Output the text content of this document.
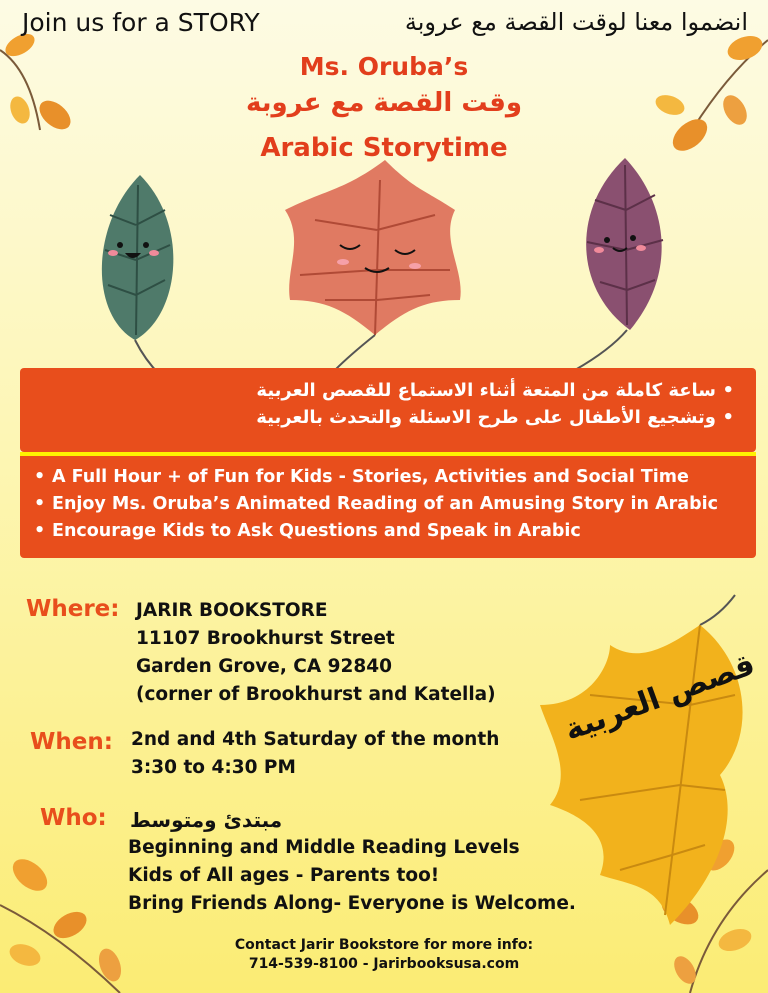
Join us for a STORY	انضموا معنا لوقت القصة مع عروبة
Ms. Oruba’s
وقت القصة مع عروبة
Arabic Storytime
• ساعة كاملة من المتعة أثناء الاستماع للقصص العربية
• وتشجيع الأطفال على طرح الاسئلة والتحدث بالعربية
• A Full Hour + of Fun for Kids - Stories, Activities and Social Time
• Enjoy Ms. Oruba’s Animated Reading of an Amusing Story in Arabic
• Encourage Kids to Ask Questions and Speak in Arabic
قصص العربية
Where: JARIR BOOKSTORE
11107 Brookhurst Street
Garden Grove, CA 92840
(corner of Brookhurst and Katella)
When: 2nd and 4th Saturday of the month
3:30 to 4:30 PM
Who: مبتدئ ومتوسط
Beginning and Middle Reading Levels
Kids of All ages - Parents too!
Bring Friends Along- Everyone is Welcome.
Contact Jarir Bookstore for more info:
714-539-8100 - Jarirbooksusa.com
